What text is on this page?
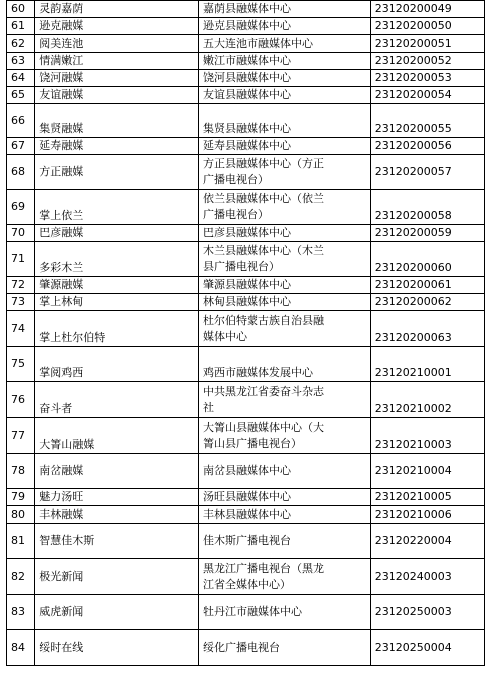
60	灵韵嘉荫	嘉荫县融媒体中心	23120200049
61	逊克融媒	逊克县融媒体中心	23120200050
62	阅美连池	五大连池市融媒体中心	23120200051
63	情满嫩江	嫩江市融媒体中心	23120200052
64	饶河融媒	饶河县融媒体中心	23120200053
65	友谊融媒	友谊县融媒体中心	23120200054
66	集贤融媒	集贤县融媒体中心	23120200055
67	延寿融媒	延寿县融媒体中心	23120200056
68	方正融媒	方正县融媒体中心（方正
广播电视台）	23120200057
69	掌上依兰	依兰县融媒体中心（依兰
广播电视台）	23120200058
70	巴彦融媒	巴彦县融媒体中心	23120200059
71	多彩木兰	木兰县融媒体中心（木兰
县广播电视台）	23120200060
72	肇源融媒	肇源县融媒体中心	23120200061
73	掌上林甸	林甸县融媒体中心	23120200062
74	掌上杜尔伯特	杜尔伯特蒙古族自治县融
媒体中心	23120200063
75	掌阅鸡西	鸡西市融媒体发展中心	23120210001
76	奋斗者	中共黑龙江省委奋斗杂志
社	23120210002
77	大箐山融媒	大箐山县融媒体中心（大
箐山县广播电视台）	23120210003
78	南岔融媒	南岔县融媒体中心	23120210004
79	魅力汤旺	汤旺县融媒体中心	23120210005
80	丰林融媒	丰林县融媒体中心	23120210006
81	智慧佳木斯	佳木斯广播电视台	23120220004
82	极光新闻	黑龙江广播电视台（黑龙
江省全媒体中心）	23120240003
83	威虎新闻	牡丹江市融媒体中心	23120250003
84	绥时在线	绥化广播电视台	23120250004
